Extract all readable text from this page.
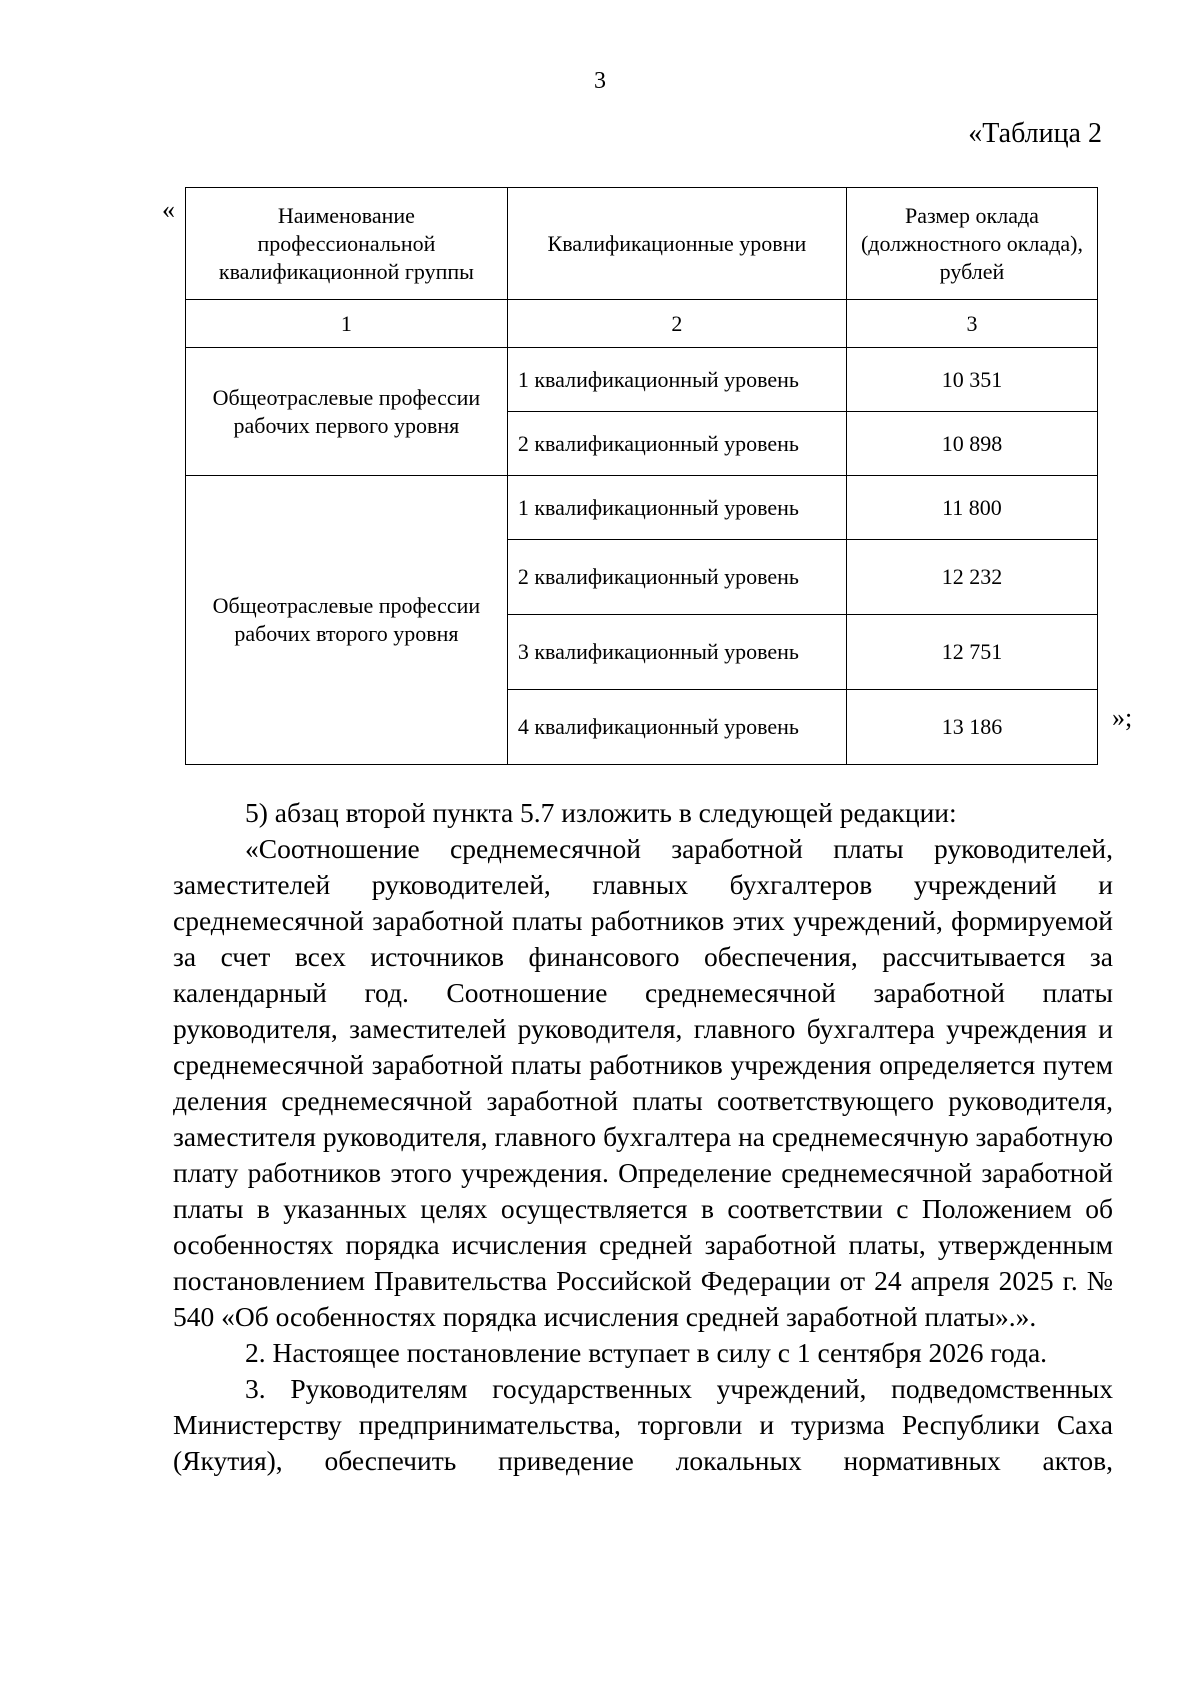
3
«Таблица 2
«
»;
Наименование профессиональной квалификационной группы	Квалификационные уровни	Размер оклада (должностного оклада), рублей
1	2	3
Общеотраслевые профессии рабочих первого уровня	1 квалификационный уровень	10 351
	2 квалификационный уровень	10 898
Общеотраслевые профессии рабочих второго уровня	1 квалификационный уровень	11 800
	2 квалификационный уровень	12 232
	3 квалификационный уровень	12 751
	4 квалификационный уровень	13 186

5) абзац второй пункта 5.7 изложить в следующей редакции:

«Соотношение среднемесячной заработной платы руководителей, заместителей руководителей, главных бухгалтеров учреждений и среднемесячной заработной платы работников этих учреждений, формируемой за счет всех источников финансового обеспечения, рассчитывается за календарный год. Соотношение среднемесячной заработной платы руководителя, заместителей руководителя, главного бухгалтера учреждения и среднемесячной заработной платы работников учреждения определяется путем деления среднемесячной заработной платы соответствующего руководителя, заместителя руководителя, главного бухгалтера на среднемесячную заработную плату работников этого учреждения. Определение среднемесячной заработной платы в указанных целях осуществляется в соответствии с Положением об особенностях порядка исчисления средней заработной платы, утвержденным постановлением Правительства Российской Федерации от 24 апреля 2025 г. № 540 «Об особенностях порядка исчисления средней заработной платы».».

2. Настоящее постановление вступает в силу с 1 сентября 2026 года.

3. Руководителям государственных учреждений, подведомственных Министерству предпринимательства, торговли и туризма Республики Саха (Якутия), обеспечить приведение локальных нормативных актов,
